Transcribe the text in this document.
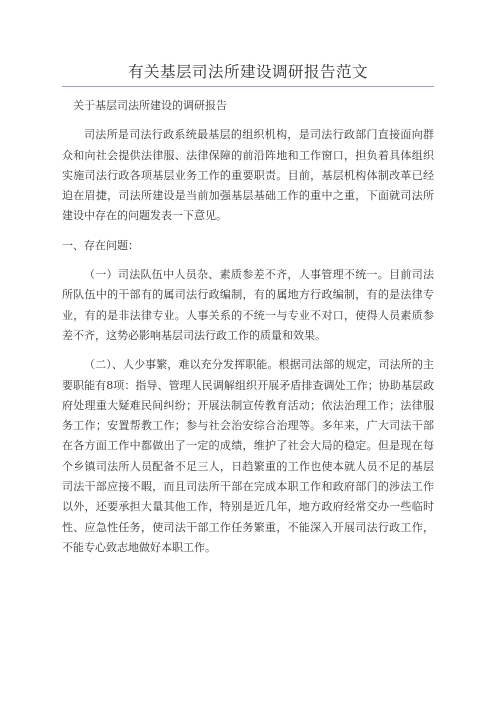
有关基层司法所建设调研报告范文

关于基层司法所建设的调研报告

司法所是司法行政系统最基层的组织机构，是司法行政部门直接面向群众和向社会提供法律服、法律保障的前沿阵地和工作窗口，担负着具体组织实施司法行政各项基层业务工作的重要职责。目前，基层机构体制改革已经迫在眉捷，司法所建设是当前加强基层基础工作的重中之重，下面就司法所建设中存在的问题发表一下意见。

一、存在问题：

（一）司法队伍中人员杂、素质参差不齐，人事管理不统一。目前司法所队伍中的干部有的属司法行政编制，有的属地方行政编制，有的是法律专业，有的是非法律专业。人事关系的不统一与专业不对口，使得人员素质参差不齐，这势必影响基层司法行政工作的质量和效果。

（二）、人少事繁，难以充分发挥职能。根据司法部的规定，司法所的主要职能有8项：指导、管理人民调解组织开展矛盾排查调处工作；协助基层政府处理重大疑难民间纠纷；开展法制宣传教育活动；依法治理工作；法律服务工作；安置帮教工作；参与社会治安综合治理等。多年来，广大司法干部在各方面工作中都做出了一定的成绩，维护了社会大局的稳定。但是现在每个乡镇司法所人员配备不足三人，日趋繁重的工作也使本就人员不足的基层司法干部应接不暇，而且司法所干部在完成本职工作和政府部门的涉法工作以外，还要承担大量其他工作，特别是近几年，地方政府经常交办一些临时性、应急性任务，使司法干部工作任务繁重，不能深入开展司法行政工作，不能专心致志地做好本职工作。
